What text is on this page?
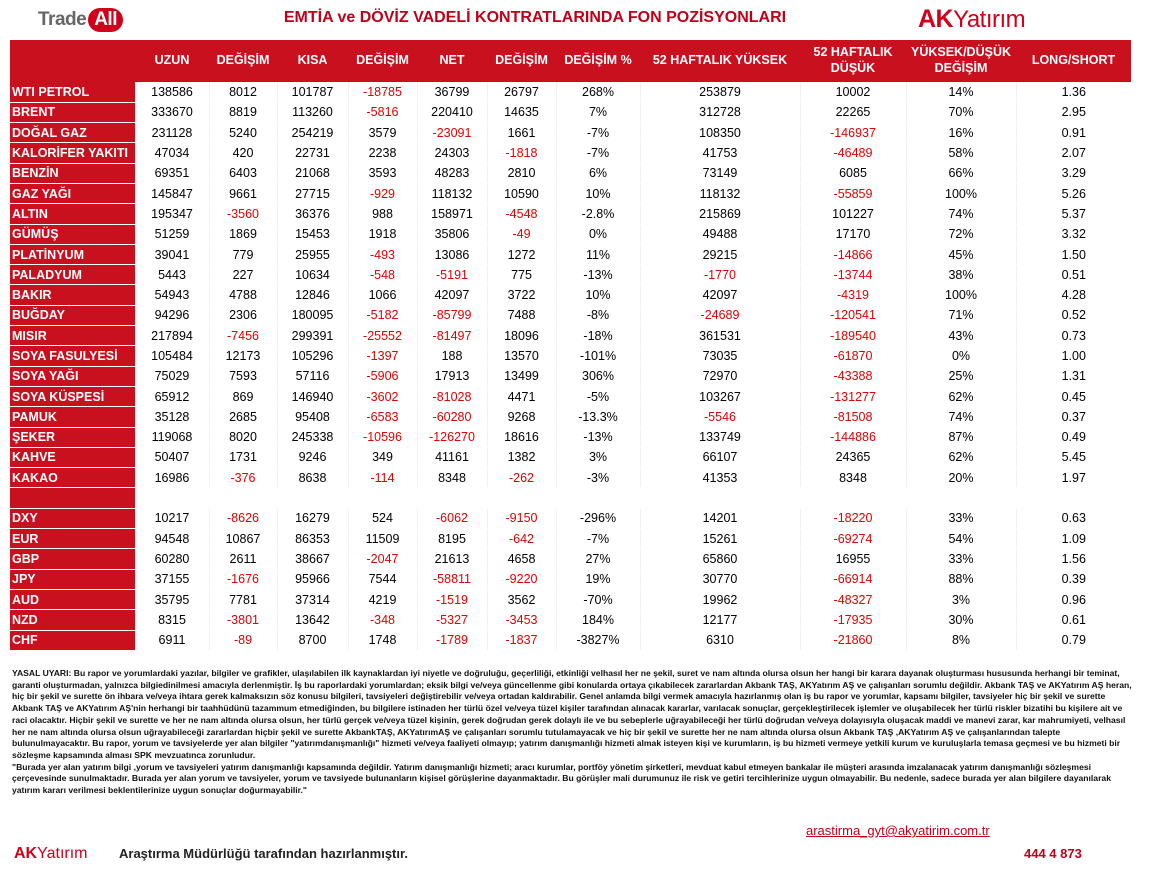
Trade All	EMTİA ve DÖVİZ VADELİ KONTRATLARINDA FON POZİSYONLARI	AKYatırım
	UZUN	DEĞİŞİM	KISA	DEĞİŞİM	NET	DEĞİŞİM	DEĞİŞİM %	52 HAFTALIK YÜKSEK	52 HAFTALIK DÜŞÜK	YÜKSEK/DÜŞÜK DEĞİŞİM	LONG/SHORT
WTI PETROL	138586	8012	101787	-18785	36799	26797	268%	253879	10002	14%	1.36
BRENT	333670	8819	113260	-5816	220410	14635	7%	312728	22265	70%	2.95
DOĞAL GAZ	231128	5240	254219	3579	-23091	1661	-7%	108350	-146937	16%	0.91
KALORİFER YAKITI	47034	420	22731	2238	24303	-1818	-7%	41753	-46489	58%	2.07
BENZİN	69351	6403	21068	3593	48283	2810	6%	73149	6085	66%	3.29
GAZ YAĞI	145847	9661	27715	-929	118132	10590	10%	118132	-55859	100%	5.26
ALTIN	195347	-3560	36376	988	158971	-4548	-2.8%	215869	101227	74%	5.37
GÜMÜŞ	51259	1869	15453	1918	35806	-49	0%	49488	17170	72%	3.32
PLATİNYUM	39041	779	25955	-493	13086	1272	11%	29215	-14866	45%	1.50
PALADYUM	5443	227	10634	-548	-5191	775	-13%	-1770	-13744	38%	0.51
BAKIR	54943	4788	12846	1066	42097	3722	10%	42097	-4319	100%	4.28
BUĞDAY	94296	2306	180095	-5182	-85799	7488	-8%	-24689	-120541	71%	0.52
MISIR	217894	-7456	299391	-25552	-81497	18096	-18%	361531	-189540	43%	0.73
SOYA FASULYESİ	105484	12173	105296	-1397	188	13570	-101%	73035	-61870	0%	1.00
SOYA YAĞI	75029	7593	57116	-5906	17913	13499	306%	72970	-43388	25%	1.31
SOYA KÜSPESİ	65912	869	146940	-3602	-81028	4471	-5%	103267	-131277	62%	0.45
PAMUK	35128	2685	95408	-6583	-60280	9268	-13.3%	-5546	-81508	74%	0.37
ŞEKER	119068	8020	245338	-10596	-126270	18616	-13%	133749	-144886	87%	0.49
KAHVE	50407	1731	9246	349	41161	1382	3%	66107	24365	62%	5.45
KAKAO	16986	-376	8638	-114	8348	-262	-3%	41353	8348	20%	1.97

DXY	10217	-8626	16279	524	-6062	-9150	-296%	14201	-18220	33%	0.63
EUR	94548	10867	86353	11509	8195	-642	-7%	15261	-69274	54%	1.09
GBP	60280	2611	38667	-2047	21613	4658	27%	65860	16955	33%	1.56
JPY	37155	-1676	95966	7544	-58811	-9220	19%	30770	-66914	88%	0.39
AUD	35795	7781	37314	4219	-1519	3562	-70%	19962	-48327	3%	0.96
NZD	8315	-3801	13642	-348	-5327	-3453	184%	12177	-17935	30%	0.61
CHF	6911	-89	8700	1748	-1789	-1837	-3827%	6310	-21860	8%	0.79
YASAL UYARI: Bu rapor ve yorumlardaki yazılar, bilgiler ve grafikler, ulaşılabilen ilk kaynaklardan iyi niyetle ve doğruluğu, geçerliliği, etkinliği velhasıl her ne şekil, suret ve nam altında olursa olsun her hangi bir karara dayanak oluşturması hususunda herhangi bir teminat, garanti oluşturmadan, yalnızca bilgiedinilmesi amacıyla derlenmiştir. İş bu raporlardaki yorumlardan; eksik bilgi ve/veya güncellenme gibi konularda ortaya çıkabilecek zararlardan Akbank TAŞ, AKYatırım AŞ ve çalışanları sorumlu değildir. Akbank TAŞ ve AKYatırım AŞ heran, hiç bir şekil ve surette ön ihbara ve/veya ihtara gerek kalmaksızın söz konusu bilgileri, tavsiyeleri değiştirebilir ve/veya ortadan kaldırabilir. Genel anlamda bilgi vermek amacıyla hazırlanmış olan iş bu rapor ve yorumlar, kapsamı bilgiler, tavsiyeler hiç bir şekil ve surette Akbank TAŞ ve AKYatırım AŞ'nin herhangi bir taahhüdünü tazammum etmediğinden, bu bilgilere istinaden her türlü özel ve/veya tüzel kişiler tarafından alınacak kararlar, varılacak sonuçlar, gerçekleştirilecek işlemler ve oluşabilecek her türlü riskler bizatihi bu kişilere ait ve raci olacaktır. Hiçbir şekil ve surette ve her ne nam altında olursa olsun, her türlü gerçek ve/veya tüzel kişinin, gerek doğrudan gerek dolaylı ile ve bu sebeplerle uğrayabileceği her türlü doğrudan ve/veya dolayısıyla oluşacak maddi ve manevi zarar, kar mahrumiyeti, velhasıl her ne nam altında olursa olsun uğrayabileceği zararlardan hiçbir şekil ve surette AkbankTAŞ, AKYatırımAŞ ve çalışanları sorumlu tutulamayacak ve hiç bir şekil ve surette her ne nam altında olursa olsun Akbank TAŞ ,AKYatırım AŞ ve çalışanlarından talepte bulunulmayacaktır. Bu rapor, yorum ve tavsiyelerde yer alan bilgiler "yatırımdanışmanlığı" hizmeti ve/veya faaliyeti olmayıp; yatırım danışmanlığı hizmeti almak isteyen kişi ve kurumların, iş bu hizmeti vermeye yetkili kurum ve kuruluşlarla temasa geçmesi ve bu hizmeti bir sözleşme kapsamında alması SPK mevzuatınca zorunludur.
"Burada yer alan yatırım bilgi ,yorum ve tavsiyeleri yatırım danışmanlığı kapsamında değildir. Yatırım danışmanlığı hizmeti; aracı kurumlar, portföy yönetim şirketleri, mevduat kabul etmeyen bankalar ile müşteri arasında imzalanacak yatırım danışmanlığı sözleşmesi çerçevesinde sunulmaktadır. Burada yer alan yorum ve tavsiyeler, yorum ve tavsiyede bulunanların kişisel görüşlerine dayanmaktadır. Bu görüşler mali durumunuz ile risk ve getiri tercihlerinize uygun olmayabilir. Bu nedenle, sadece burada yer alan bilgilere dayanılarak yatırım kararı verilmesi beklentilerinize uygun sonuçlar doğurmayabilir."
arastirma_gyt@akyatirim.com.tr
AKYatırım Araştırma Müdürlüğü tarafından hazırlanmıştır.	444 4 873
